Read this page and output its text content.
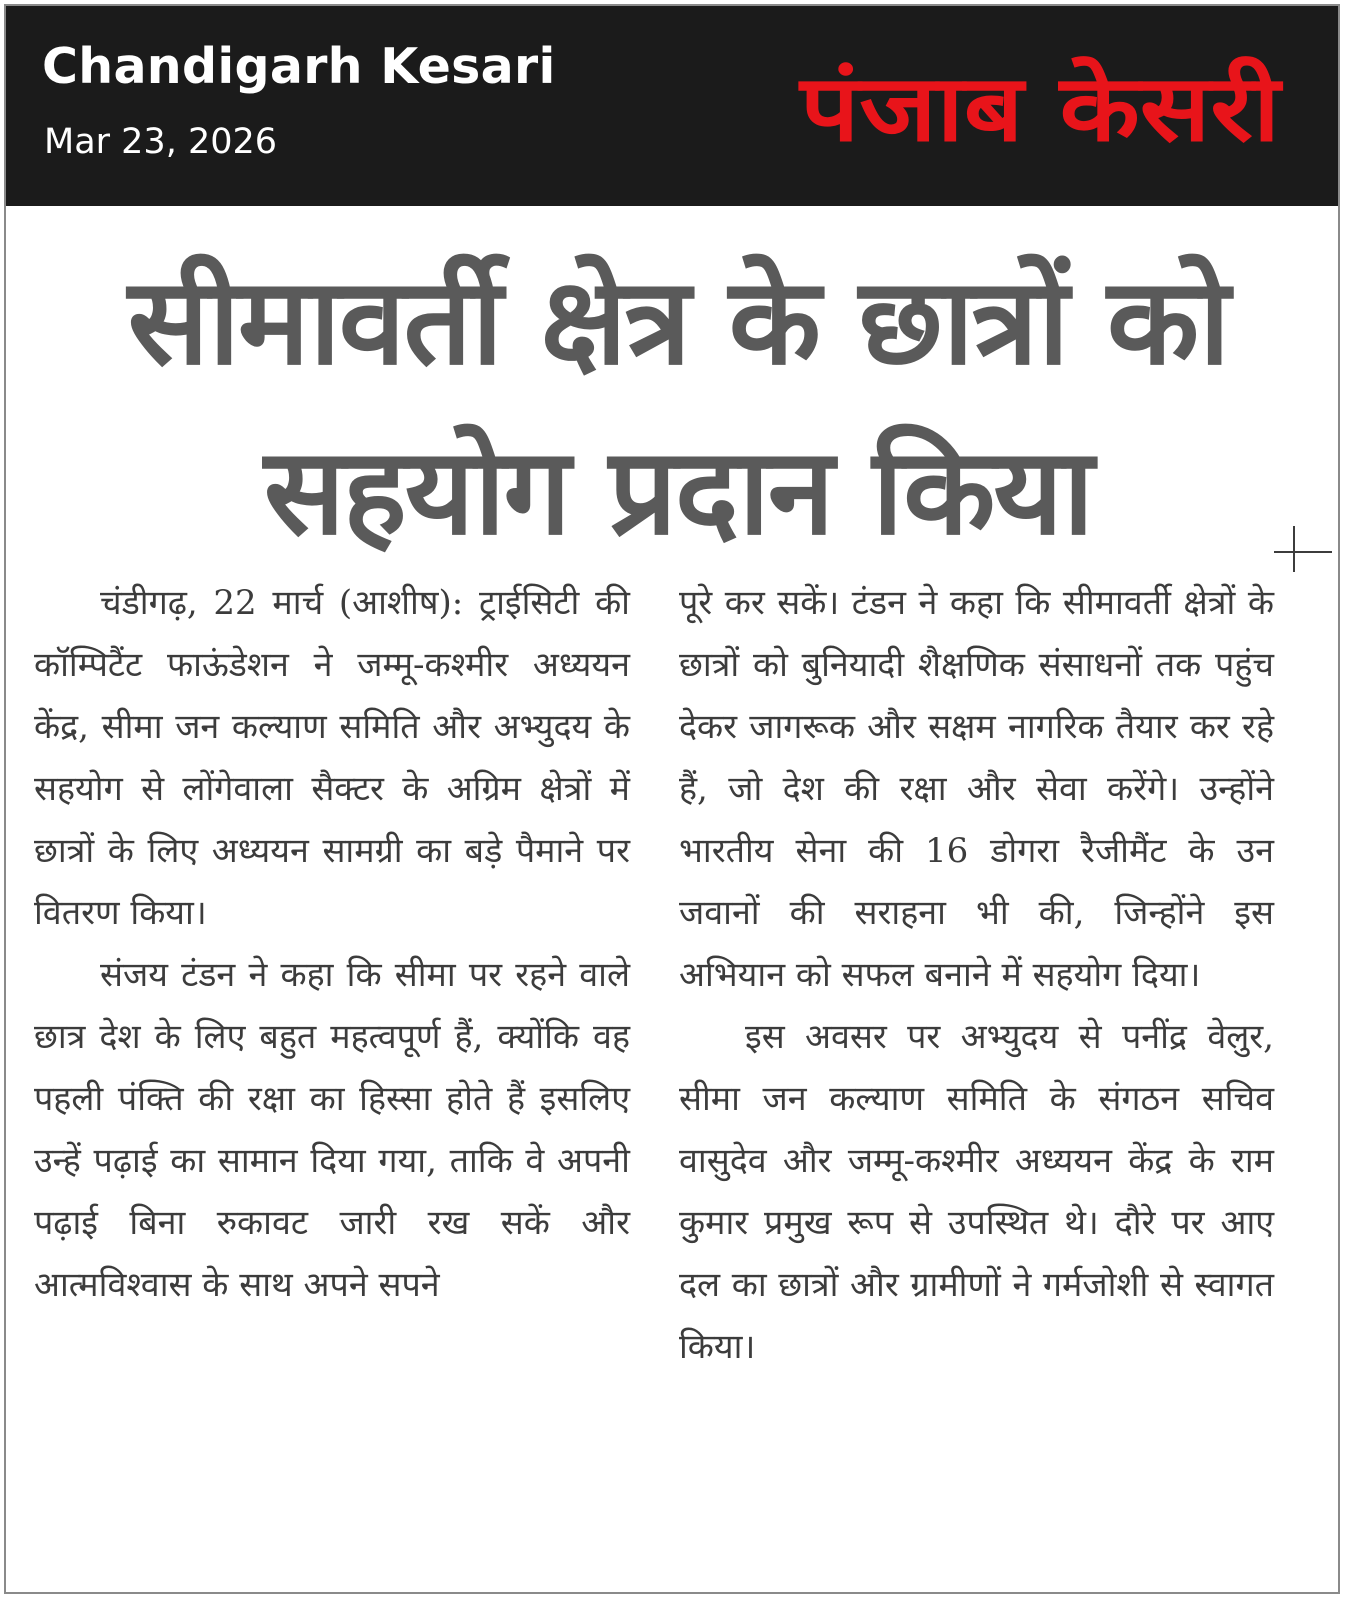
Chandigarh Kesari
Mar 23, 2026	पंजाब केसरी
सीमावर्ती क्षेत्र के छात्रों को सहयोग प्रदान किया

चंडीगढ़, 22 मार्च (आशीष): ट्राईसिटी की कॉम्पिटैंट फाऊंडेशन ने जम्मू-कश्मीर अध्ययन केंद्र, सीमा जन कल्याण समिति और अभ्युदय के सहयोग से लोंगेवाला सैक्टर के अग्रिम क्षेत्रों में छात्रों के लिए अध्ययन सामग्री का बड़े पैमाने पर वितरण किया।

संजय टंडन ने कहा कि सीमा पर रहने वाले छात्र देश के लिए बहुत महत्वपूर्ण हैं, क्योंकि वह पहली पंक्ति की रक्षा का हिस्सा होते हैं इसलिए उन्हें पढ़ाई का सामान दिया गया, ताकि वे अपनी पढ़ाई बिना रुकावट जारी रख सकें और आत्मविश्वास के साथ अपने सपने

पूरे कर सकें। टंडन ने कहा कि सीमावर्ती क्षेत्रों के छात्रों को बुनियादी शैक्षणिक संसाधनों तक पहुंच देकर जागरूक और सक्षम नागरिक तैयार कर रहे हैं, जो देश की रक्षा और सेवा करेंगे। उन्होंने भारतीय सेना की 16 डोगरा रैजीमैंट के उन जवानों की सराहना भी की, जिन्होंने इस अभियान को सफल बनाने में सहयोग दिया।

इस अवसर पर अभ्युदय से पनींद्र वेलुर, सीमा जन कल्याण समिति के संगठन सचिव वासुदेव और जम्मू-कश्मीर अध्ययन केंद्र के राम कुमार प्रमुख रूप से उपस्थित थे। दौरे पर आए दल का छात्रों और ग्रामीणों ने गर्मजोशी से स्वागत किया।
